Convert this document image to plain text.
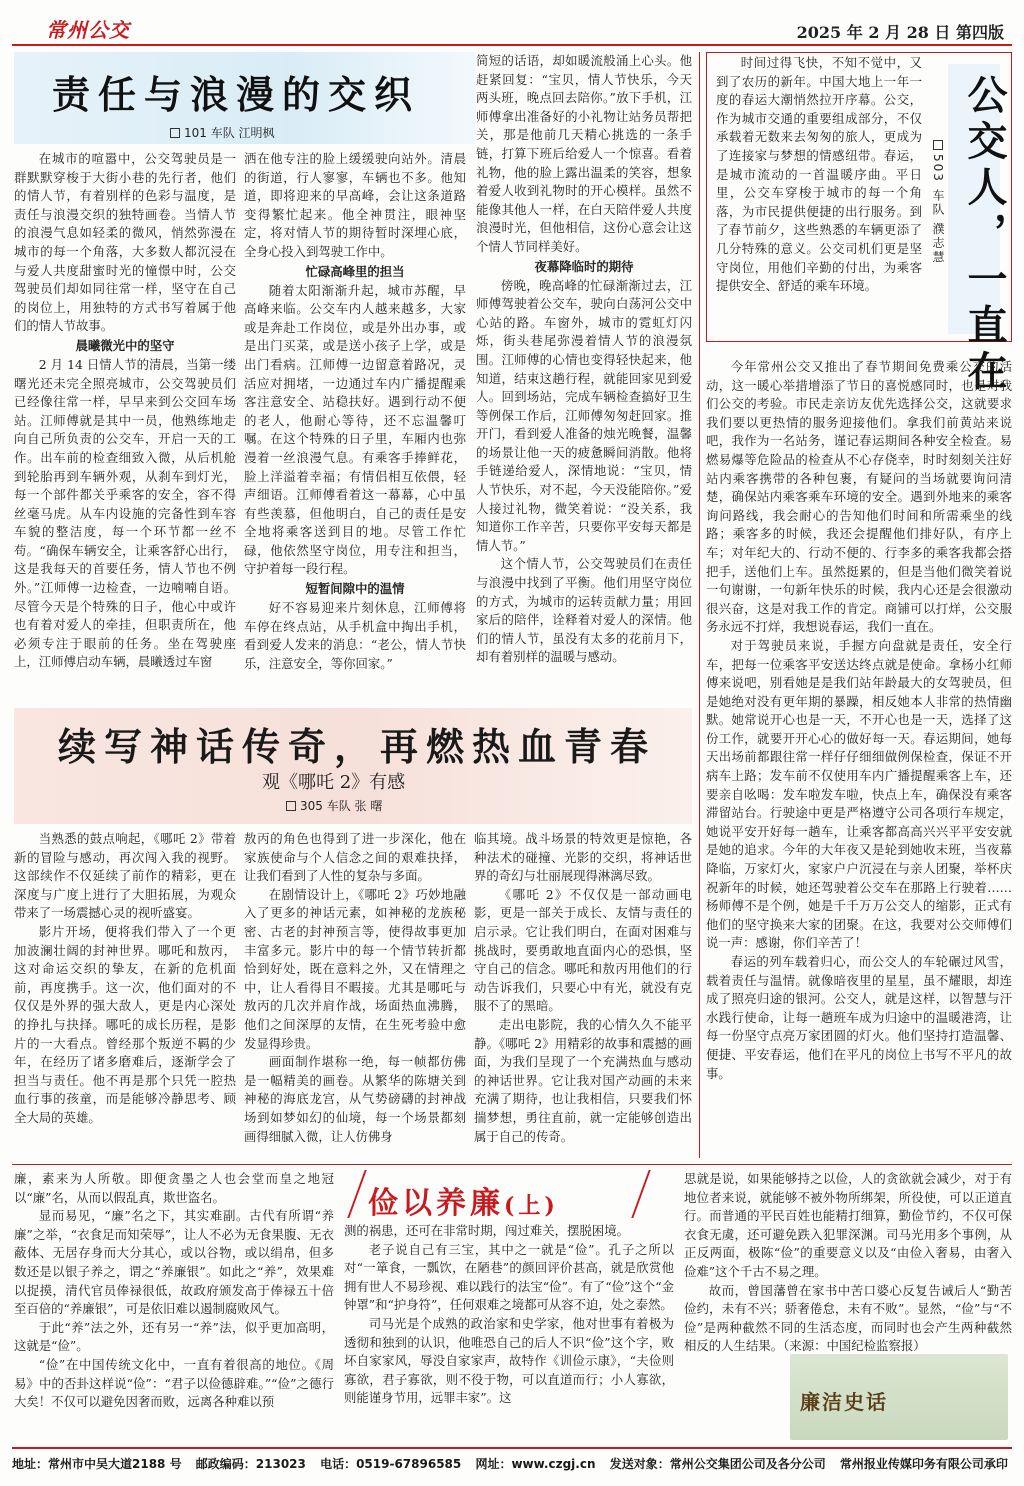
常州公交	2025 年 2 月 28 日 第四版
责任与浪漫的交织
101 车队 江明枫

在城市的喧嚣中，公交驾驶员是一群默默穿梭于大街小巷的先行者，他们的情人节，有着别样的色彩与温度，是责任与浪漫交织的独特画卷。当情人节的浪漫气息如轻柔的微风，悄然弥漫在城市的每一个角落，大多数人都沉浸在与爱人共度甜蜜时光的憧憬中时，公交驾驶员们却如同往常一样，坚守在自己的岗位上，用独特的方式书写着属于他们的情人节故事。

晨曦微光中的坚守

2 月 14 日情人节的清晨，当第一缕曙光还未完全照亮城市，公交驾驶员们已经像往常一样，早早来到公交回车场站。江师傅就是其中一员，他熟练地走向自己所负责的公交车，开启一天的工作。出车前的检查细致入微，从后机舱到轮胎再到车辆外观，从刹车到灯光，每一个部件都关乎乘客的安全，容不得丝毫马虎。从车内设施的完备性到车容车貌的整洁度，每一个环节都一丝不苟。“确保车辆安全，让乘客舒心出行，这是我每天的首要任务，情人节也不例外。”江师傅一边检查，一边喃喃自语。尽管今天是个特殊的日子，他心中或许也有着对爱人的牵挂，但职责所在，他必须专注于眼前的任务。坐在驾驶座上，江师傅启动车辆，晨曦透过车窗

洒在他专注的脸上缓缓驶向站外。清晨的街道，行人寥寥，车辆也不多。他知道，即将迎来的早高峰，会让这条道路变得繁忙起来。他全神贯注，眼神坚定，将对情人节的期待暂时深埋心底，全身心投入到驾驶工作中。

忙碌高峰里的担当

随着太阳渐渐升起，城市苏醒，早高峰来临。公交车内人越来越多，大家或是奔赴工作岗位，或是外出办事，或是出门买菜，或是送小孩子上学，或是出门看病。江师傅一边留意着路况，灵活应对拥堵，一边通过车内广播提醒乘客注意安全、站稳扶好。遇到行动不便的老人，他耐心等待，还不忘温馨叮嘱。在这个特殊的日子里，车厢内也弥漫着一丝浪漫气息。有乘客手捧鲜花，脸上洋溢着幸福；有情侣相互依偎，轻声细语。江师傅看着这一幕幕，心中虽有些羡慕，但他明白，自己的责任是安全地将乘客送到目的地。尽管工作忙碌，他依然坚守岗位，用专注和担当，守护着每一段行程。

短暂间隙中的温情

好不容易迎来片刻休息，江师傅将车停在终点站，从手机盒中掏出手机，看到爱人发来的消息：“老公，情人节快乐，注意安全，等你回家。”

简短的话语，却如暖流般涌上心头。他赶紧回复：“宝贝，情人节快乐，今天两头班，晚点回去陪你。”放下手机，江师傅拿出准备好的小礼物让站务员帮把关，那是他前几天精心挑选的一条手链，打算下班后给爱人一个惊喜。看着礼物，他的脸上露出温柔的笑容，想象着爱人收到礼物时的开心模样。虽然不能像其他人一样，在白天陪伴爱人共度浪漫时光，但他相信，这份心意会让这个情人节同样美好。

夜幕降临时的期待

傍晚，晚高峰的忙碌渐渐过去，江师傅驾驶着公交车，驶向白荡河公交中心站的路。车窗外，城市的霓虹灯闪烁，街头巷尾弥漫着情人节的浪漫氛围。江师傅的心情也变得轻快起来，他知道，结束这趟行程，就能回家见到爱人。回到场站，完成车辆检查搞好卫生等例保工作后，江师傅匆匆赶回家。推开门，看到爱人准备的烛光晚餐，温馨的场景让他一天的疲惫瞬间消散。他将手链递给爱人，深情地说：“宝贝，情人节快乐，对不起，今天没能陪你。”爱人接过礼物，微笑着说：“没关系，我知道你工作辛苦，只要你平安每天都是情人节。”

这个情人节，公交驾驶员们在责任与浪漫中找到了平衡。他们用坚守岗位的方式，为城市的运转贡献力量；用回家后的陪伴，诠释着对爱人的深情。他们的情人节，虽没有太多的花前月下，却有着别样的温暖与感动。

公交人，一直在
503 车队 濮志慧

时间过得飞快，不知不觉中，又到了农历的新年。中国大地上一年一度的春运大潮悄然拉开序幕。公交，作为城市交通的重要组成部分，不仅承载着无数来去匆匆的旅人，更成为了连接家与梦想的情感纽带。春运，是城市流动的一首温暖序曲。平日里，公交车穿梭于城市的每一个角落，为市民提供便捷的出行服务。到了春节前夕，这些熟悉的车辆更添了几分特殊的意义。公交司机们更是坚守岗位，用他们辛勤的付出，为乘客提供安全、舒适的乘车环境。

今年常州公交又推出了春节期间免费乘公交的活动，这一暖心举措增添了节日的喜悦感同时，也是对我们公交的考验。市民走亲访友优先选择公交，这就要求我们要以更热情的服务迎接他们。拿我们前黄站来说吧，我作为一名站务，谨记春运期间各种安全检查。易燃易爆等危险品的检查从不心存侥幸，时时刻刻关注好站内乘客携带的各种包裹，有疑问的当场就要询问清楚，确保站内乘客乘车环境的安全。遇到外地来的乘客询问路线，我会耐心的告知他们时间和所需乘坐的线路；乘客多的时候，我还会提醒他们排好队，有序上车；对年纪大的、行动不便的、行李多的乘客我都会搭把手，送他们上车。虽然挺累的，但是当他们微笑着说一句谢谢，一句新年快乐的时候，我内心还是会很激动很兴奋，这是对我工作的肯定。商铺可以打烊，公交服务永远不打烊，我想说春运，我们一直在。

对于驾驶员来说，手握方向盘就是责任，安全行车，把每一位乘客平安送达终点就是使命。拿杨小红师傅来说吧，别看她是是我们站年龄最大的女驾驶员，但是她绝对没有更年期的暴躁，相反她本人非常的热情幽默。她常说开心也是一天，不开心也是一天，选择了这份工作，就要开开心心的做好每一天。春运期间，她每天出场前都跟往常一样仔仔细细做例保检查，保证不开病车上路；发车前不仅使用车内广播提醒乘客上车，还要亲自吆喝：发车啦发车啦，快点上车，确保没有乘客滞留站台。行驶途中更是严格遵守公司各项行车规定，她说平安开好每一趟车，让乘客都高高兴兴平平安安就是她的追求。今年的大年夜又是轮到她收末班，当夜幕降临，万家灯火，家家户户沉浸在与亲人团聚，举杯庆祝新年的时候，她还驾驶着公交车在那路上行驶着……杨师傅不是个例，她是千千万万公交人的缩影，正式有他们的坚守换来大家的团聚。在这，我要对公交师傅们说一声：感谢，你们辛苦了！

春运的列车载着归心，而公交人的车轮碾过风雪，载着责任与温情。就像暗夜里的星星，虽不耀眼，却连成了照亮归途的银河。公交人，就是这样，以智慧与汗水践行使命，让每一趟班车成为归途中的温暖港湾，让每一份坚守点亮万家团圆的灯火。他们坚持打造温馨、便捷、平安春运，他们在平凡的岗位上书写不平凡的故事。

续写神话传奇，再燃热血青春
观《哪吒 2》有感
305 车队 张 曙

当熟悉的鼓点响起，《哪吒 2》带着新的冒险与感动，再次闯入我的视野。这部续作不仅延续了前作的精彩，更在深度与广度上进行了大胆拓展，为观众带来了一场震撼心灵的视听盛宴。

影片开场，便将我们带入了一个更加波澜壮阔的封神世界。哪吒和敖丙，这对命运交织的挚友，在新的危机面前，再度携手。这一次，他们面对的不仅仅是外界的强大敌人，更是内心深处的挣扎与抉择。哪吒的成长历程，是影片的一大看点。曾经那个叛逆不羁的少年，在经历了诸多磨难后，逐渐学会了担当与责任。他不再是那个只凭一腔热血行事的孩童，而是能够冷静思考、顾全大局的英雄。

敖丙的角色也得到了进一步深化，他在家族使命与个人信念之间的艰难抉择，让我们看到了人性的复杂与多面。

在剧情设计上，《哪吒 2》巧妙地融入了更多的神话元素，如神秘的龙族秘密、古老的封神预言等，使得故事更加丰富多元。影片中的每一个情节转折都恰到好处，既在意料之外，又在情理之中，让人看得目不暇接。尤其是哪吒与敖丙的几次并肩作战，场面热血沸腾，他们之间深厚的友情，在生死考验中愈发显得珍贵。

画面制作堪称一绝，每一帧都仿佛是一幅精美的画卷。从繁华的陈塘关到神秘的海底龙宫，从气势磅礴的封神战场到如梦如幻的仙境，每一个场景都刻画得细腻入微，让人仿佛身

临其境。战斗场景的特效更是惊艳，各种法术的碰撞、光影的交织，将神话世界的奇幻与壮丽展现得淋漓尽致。

《哪吒 2》不仅仅是一部动画电影，更是一部关于成长、友情与责任的启示录。它让我们明白，在面对困难与挑战时，要勇敢地直面内心的恐惧，坚守自己的信念。哪吒和敖丙用他们的行动告诉我们，只要心中有光，就没有克服不了的黑暗。

走出电影院，我的心情久久不能平静。《哪吒 2》用精彩的故事和震撼的画面，为我们呈现了一个充满热血与感动的神话世界。它让我对国产动画的未来充满了期待，也让我相信，只要我们怀揣梦想，勇往直前，就一定能够创造出属于自己的传奇。

俭以养廉(上)

廉，素来为人所敬。即便贪墨之人也会堂而皇之地冠以“廉”名，从而以假乱真，欺世盗名。

显而易见，“廉”名之下，其实难副。古代有所谓“养廉”之举，“衣食足而知荣辱”，让人不必为无食果腹、无衣蔽体、无居存身而大分其心，或以谷物，或以绢帛，但多数还是以银子养之，谓之“养廉银”。如此之“养”，效果难以捉摸，清代官员俸禄很低，故政府颁发高于俸禄五十倍至百倍的“养廉银”，可是依旧难以遏制腐败风气。

于此“养”法之外，还有另一“养”法，似乎更加高明，这就是“俭”。

“俭”在中国传统文化中，一直有着很高的地位。《周易》中的否卦这样说“俭”：“君子以俭德辟难。”“俭”之德行大矣！不仅可以避免因奢而败，远离各种难以预

测的祸患，还可在非常时期，闯过难关，摆脱困境。

老子说自己有三宝，其中之一就是“俭”。孔子之所以对“一箪食，一瓢饮，在陋巷”的颜回评价甚高，就是欣赏他拥有世人不易珍视、难以践行的法宝“俭”。有了“俭”这个“金钟罩”和“护身符”，任何艰难之境都可从容不迫，处之泰然。

司马光是个成熟的政治家和史学家，他对世事有着极为透彻和独到的认识，他唯恐自己的后人不识“俭”这个字，败坏自家家风，辱没自家家声，故特作《训俭示康》，“夫俭则寡欲，君子寡欲，则不役于物，可以直道而行；小人寡欲，则能谨身节用，远罪丰家”。这

思就是说，如果能够持之以俭，人的贪欲就会减少，对于有地位者来说，就能够不被外物所绑架，所役使，可以正道直行。而普通的平民百姓也能精打细算，勤俭节约，不仅可保衣食无虞，还可避免跌入犯罪深渊。司马光用多个事例，从正反两面，极陈“俭”的重要意义以及“由俭入奢易，由奢入俭难”这个千古不易之理。

故而，曾国藩曾在家书中苦口婆心反复告诫后人“勤苦俭约，未有不兴；骄奢倦怠，未有不败”。显然，“俭”与“不俭”是两种截然不同的生活态度，而同时也会产生两种截然相反的人生结果。（来源：中国纪检监察报）

廉洁史话
地址：常州市中吴大道2188 号 邮政编码：213023 电话：0519-67896585 网址：www.czgj.cn 发送对象：常州公交集团公司及各分公司 常州报业传媒印务有限公司承印
